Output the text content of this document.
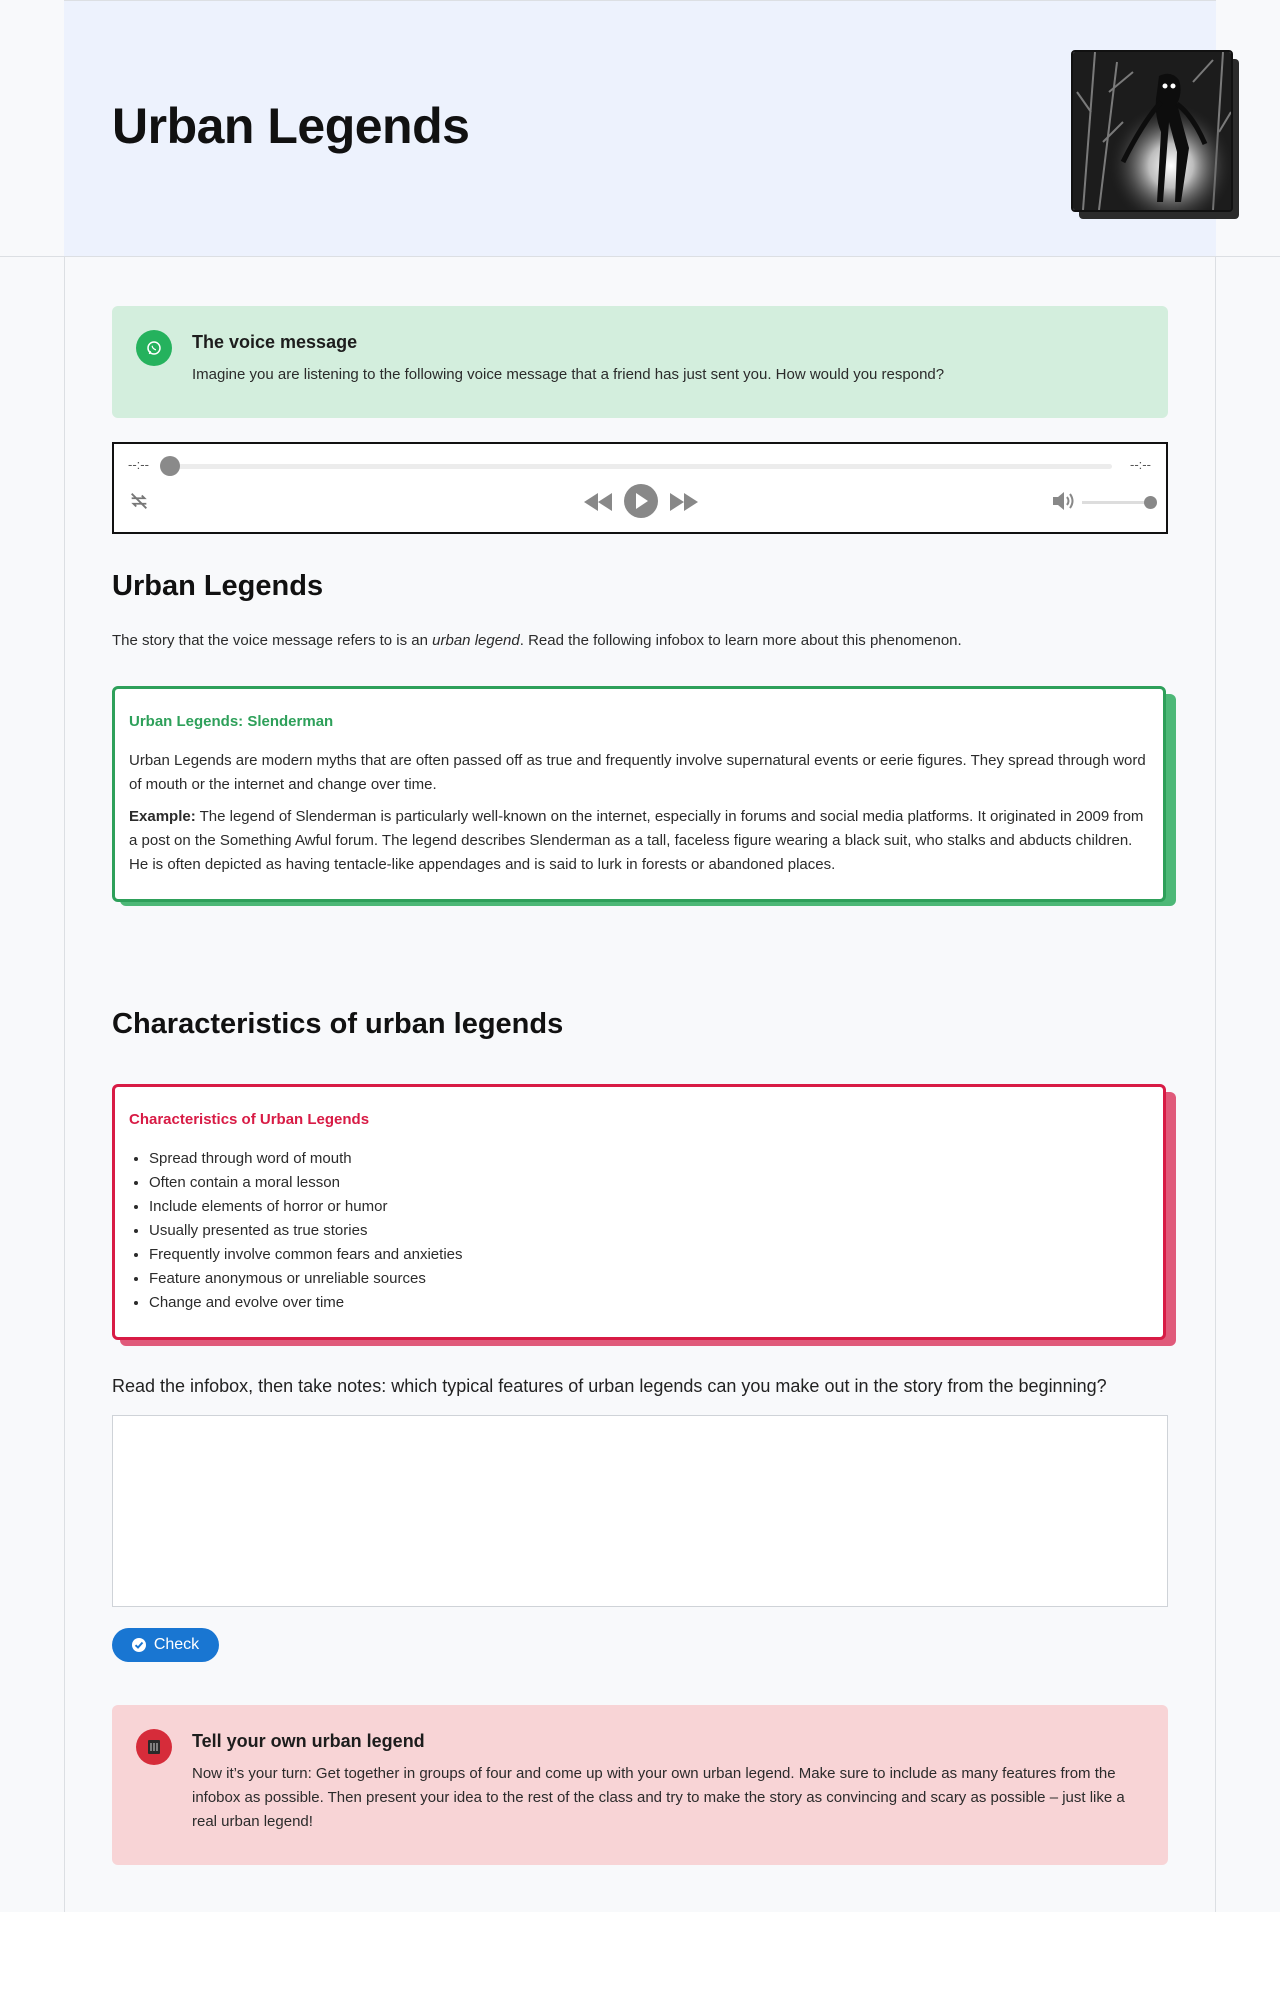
Urban Legends
The voice message
Imagine you are listening to the following voice message that a friend has just sent you. How would you respond?
--:--	--:--
Urban Legends

The story that the voice message refers to is an urban legend. Read the following infobox to learn more about this phenomenon.

Urban Legends: Slenderman

Urban Legends are modern myths that are often passed off as true and frequently involve supernatural events or eerie figures. They spread through word of mouth or the internet and change over time.

Example: The legend of Slenderman is particularly well-known on the internet, especially in forums and social media platforms. It originated in 2009 from a post on the Something Awful forum. The legend describes Slenderman as a tall, faceless figure wearing a black suit, who stalks and abducts children. He is often depicted as having tentacle-like appendages and is said to lurk in forests or abandoned places.

Characteristics of urban legends
Characteristics of Urban Legends
• Spread through word of mouth
• Often contain a moral lesson
• Include elements of horror or humor
• Usually presented as true stories
• Frequently involve common fears and anxieties
• Feature anonymous or unreliable sources
• Change and evolve over time

Read the infobox, then take notes: which typical features of urban legends can you make out in the story from the beginning?

Check
Tell your own urban legend
Now it’s your turn: Get together in groups of four and come up with your own urban legend. Make sure to include as many features from the infobox as possible. Then present your idea to the rest of the class and try to make the story as convincing and scary as possible – just like a real urban legend!
